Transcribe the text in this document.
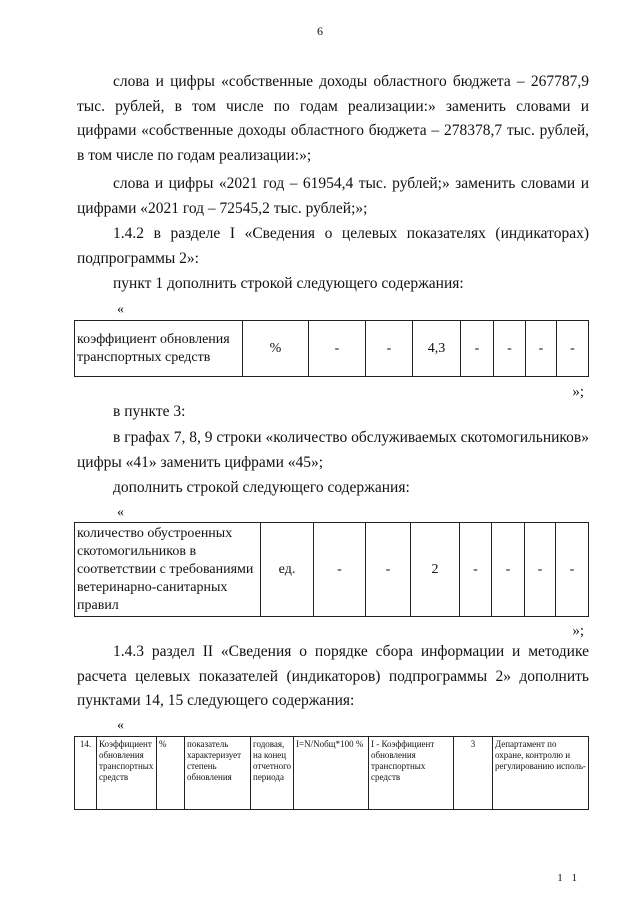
6

слова и цифры «собственные доходы областного бюджета – 267787,9 тыс. рублей, в том числе по годам реализации:» заменить словами и цифрами «собственные доходы областного бюджета – 278378,7 тыс. рублей, в том числе по годам реализации:»;

слова и цифры «2021 год – 61954,4 тыс. рублей;» заменить словами и цифрами «2021 год – 72545,2 тыс. рублей;»;

1.4.2 в разделе I «Сведения о целевых показателях (индикаторах) подпрограммы 2»:

пункт 1 дополнить строкой следующего содержания:

«
коэффициент обновления транспортных средств	%	-	-	4,3	-	-	-	-
»;

в пункте 3:

в графах 7, 8, 9 строки «количество обслуживаемых скотомогильников» цифры «41» заменить цифрами «45»;

дополнить строкой следующего содержания:

«
количество обустроенных скотомогильников в соответствии с требованиями ветеринарно-санитарных правил	ед.	-	-	2	-	-	-	-
»;

1.4.3 раздел II «Сведения о порядке сбора информации и методике расчета целевых показателей (индикаторов) подпрограммы 2» дополнить пунктами 14, 15 следующего содержания:

«
14.	Коэффициент обновления транспортных средств	%	показатель характеризует степень обновления	годовая, на конец отчетного периода	I=N/Nобщ*100 %	I - Коэффициент обновления транспортных средств	3	Департамент по охране, контролю и регулированию исполь-
1 1
